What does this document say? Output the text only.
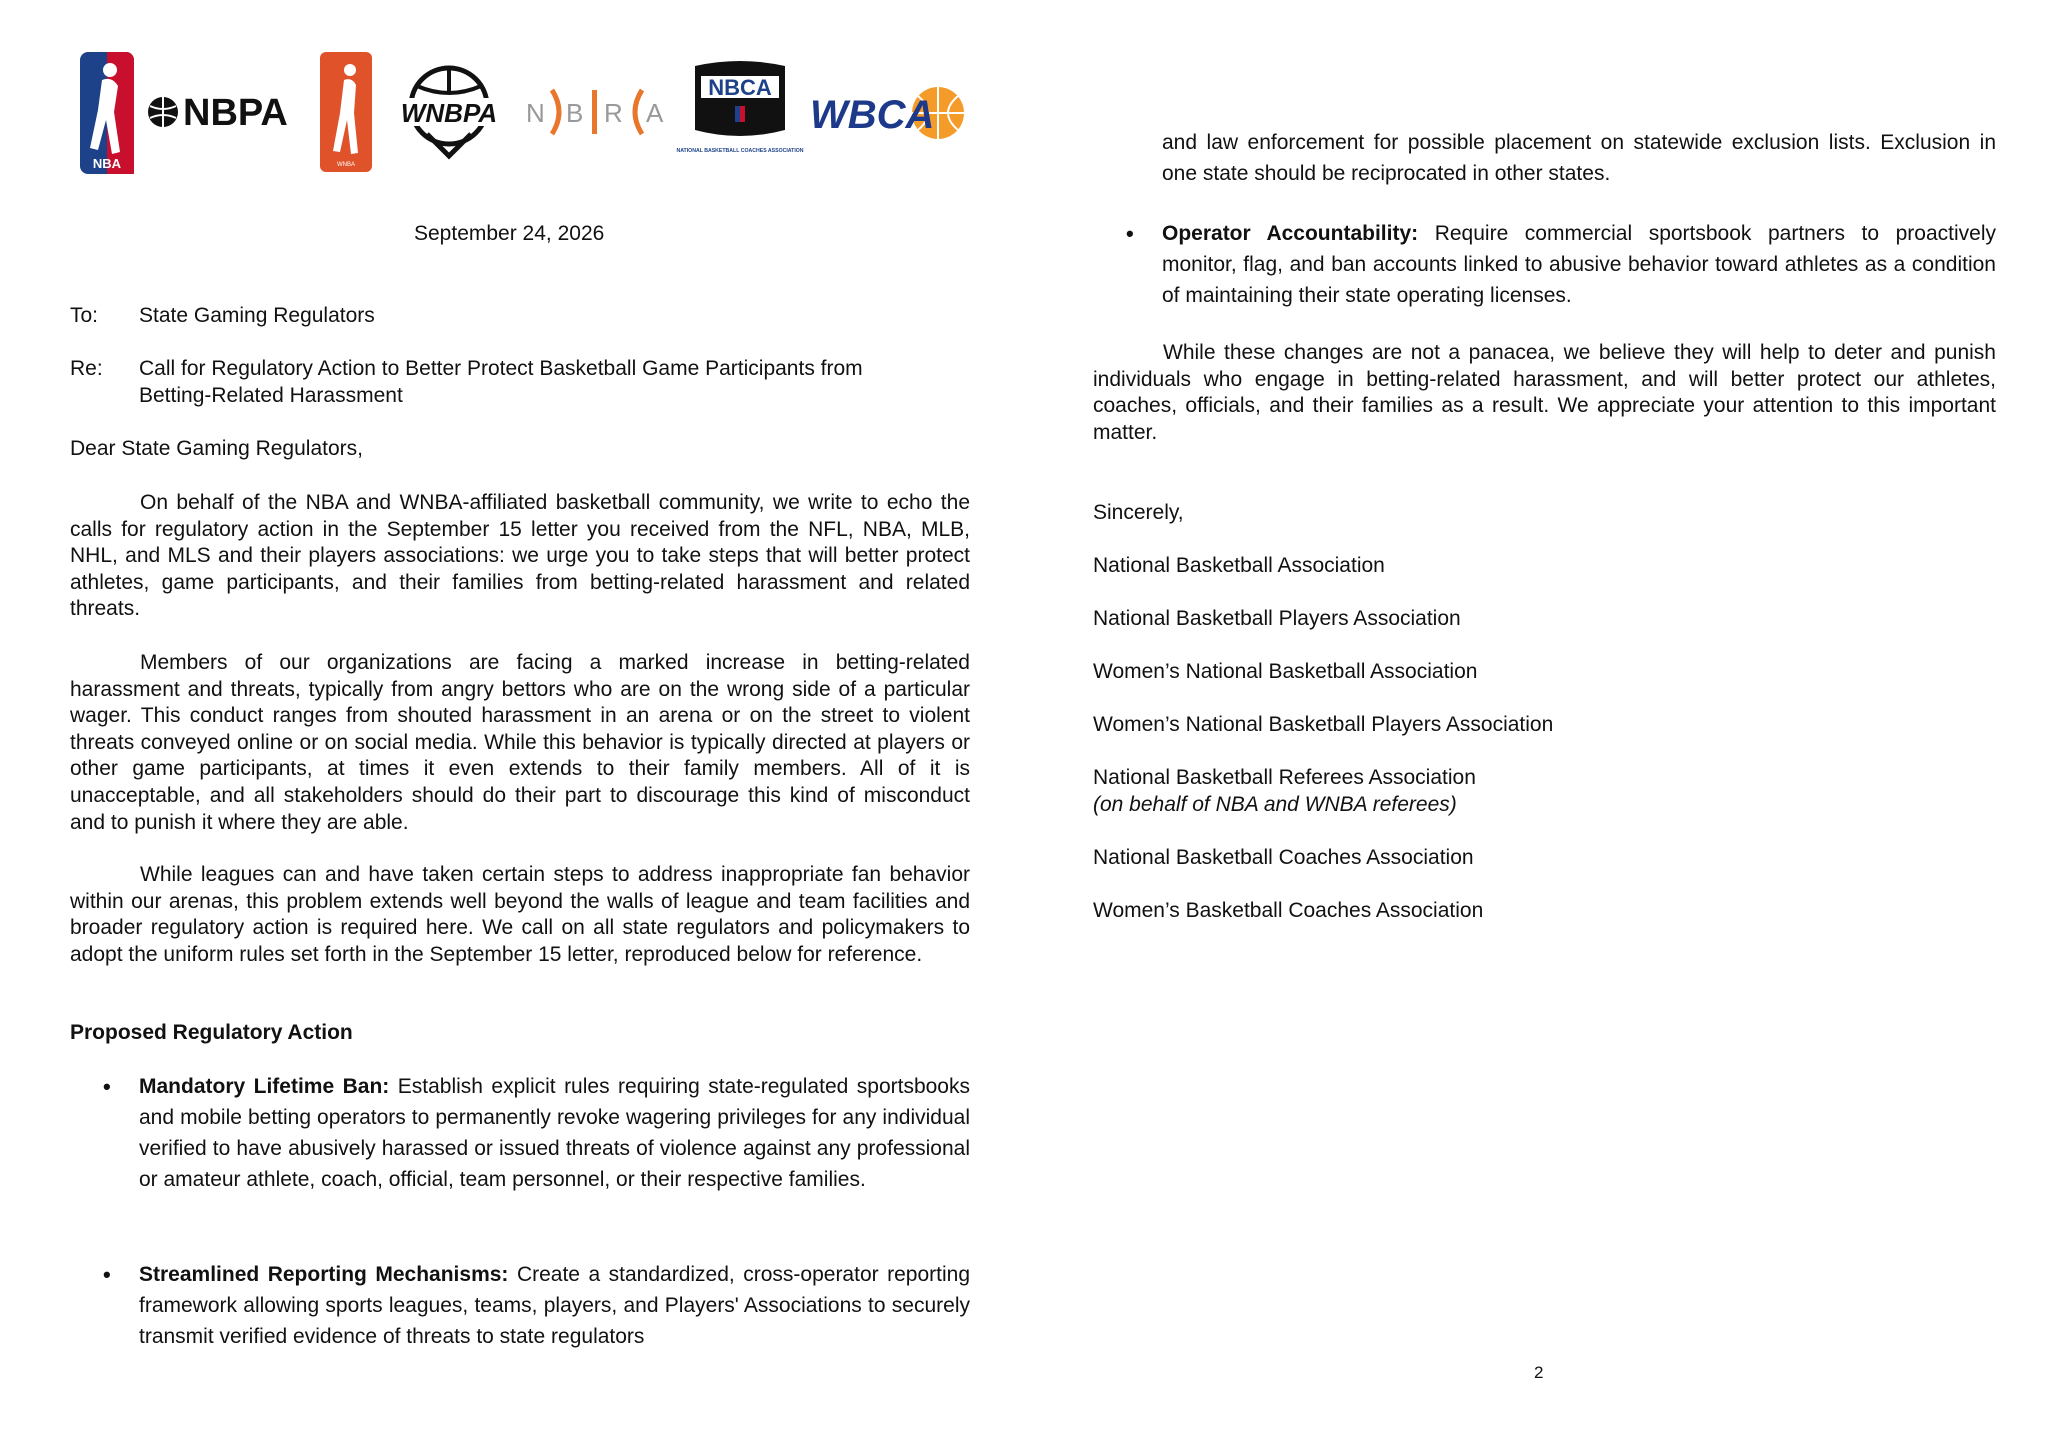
NBA
NBPA
WNBA
WNBPA N B R A
NBCA
NATIONAL BASKETBALL COACHES ASSOCIATION
WBCA
September 24, 2026
To: State Gaming Regulators
Re: Call for Regulatory Action to Better Protect Basketball Game Participants from
Betting-Related Harassment
Dear State Gaming Regulators,

On behalf of the NBA and WNBA-affiliated basketball community, we write to echo the calls for regulatory action in the September 15 letter you received from the NFL, NBA, MLB, NHL, and MLS and their players associations: we urge you to take steps that will better protect athletes, game participants, and their families from betting-related harassment and related threats.

Members of our organizations are facing a marked increase in betting-related harassment and threats, typically from angry bettors who are on the wrong side of a particular wager. This conduct ranges from shouted harassment in an arena or on the street to violent threats conveyed online or on social media. While this behavior is typically directed at players or other game participants, at times it even extends to their family members. All of it is unacceptable, and all stakeholders should do their part to discourage this kind of misconduct and to punish it where they are able.

While leagues can and have taken certain steps to address inappropriate fan behavior within our arenas, this problem extends well beyond the walls of league and team facilities and broader regulatory action is required here. We call on all state regulators and policymakers to adopt the uniform rules set forth in the September 15 letter, reproduced below for reference.

Proposed Regulatory Action
• Mandatory Lifetime Ban: Establish explicit rules requiring state-regulated sportsbooks and mobile betting operators to permanently revoke wagering privileges for any individual verified to have abusively harassed or issued threats of violence against any professional or amateur athlete, coach, official, team personnel, or their respective families.
• Streamlined Reporting Mechanisms: Create a standardized, cross-operator reporting framework allowing sports leagues, teams, players, and Players' Associations to securely transmit verified evidence of threats to state regulators
and law enforcement for possible placement on statewide exclusion lists. Exclusion in one state should be reciprocated in other states.
• Operator Accountability: Require commercial sportsbook partners to proactively monitor, flag, and ban accounts linked to abusive behavior toward athletes as a condition of maintaining their state operating licenses.

While these changes are not a panacea, we believe they will help to deter and punish individuals who engage in betting-related harassment, and will better protect our athletes, coaches, officials, and their families as a result. We appreciate your attention to this important matter.

Sincerely,
National Basketball Association
National Basketball Players Association
Women’s National Basketball Association
Women’s National Basketball Players Association
National Basketball Referees Association
(on behalf of NBA and WNBA referees)
National Basketball Coaches Association
Women’s Basketball Coaches Association
2
